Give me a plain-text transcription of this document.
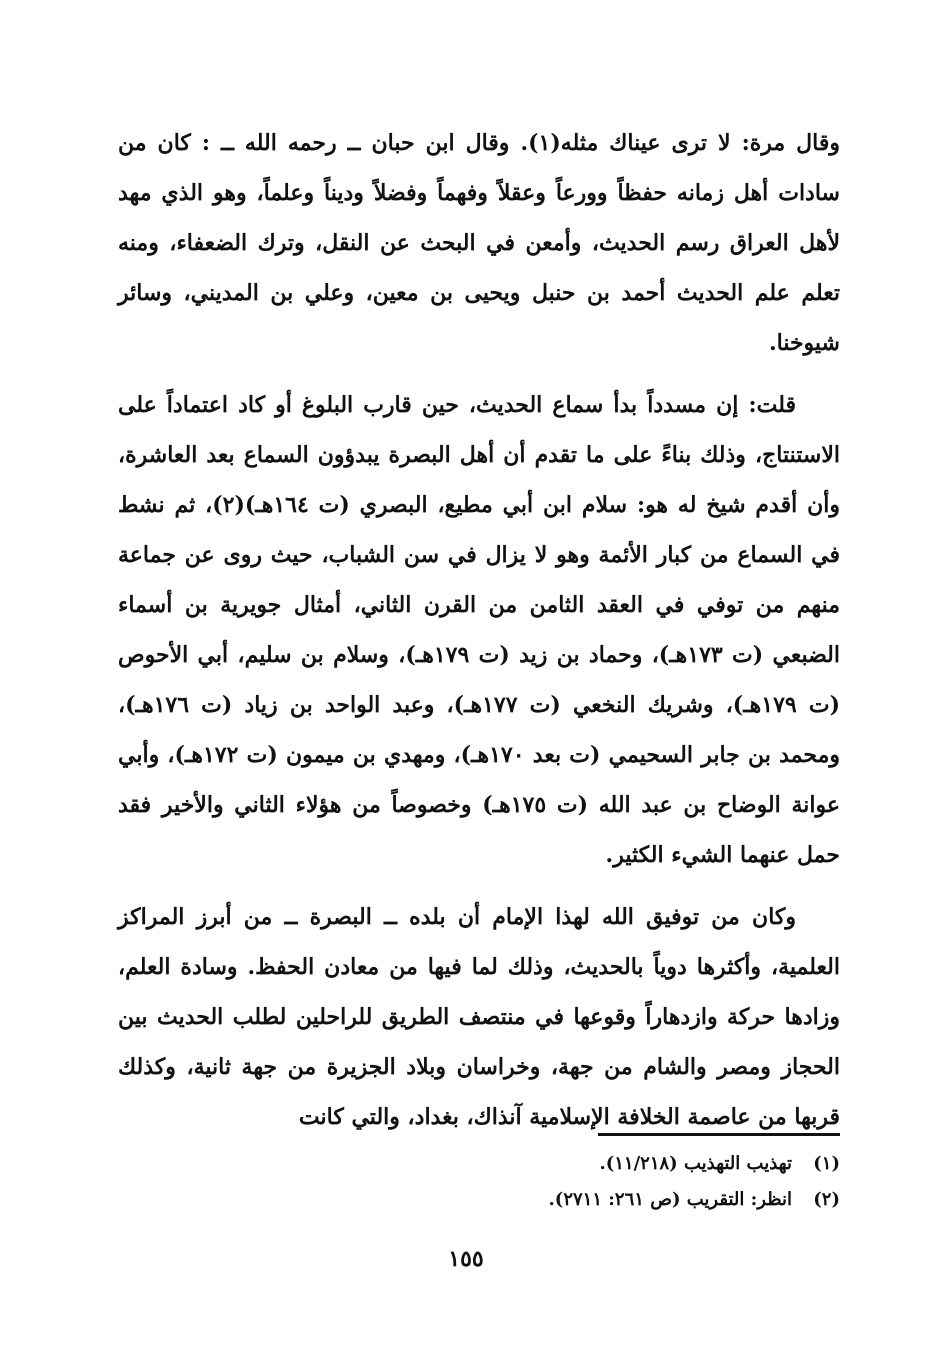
وقال مرة: لا ترى عيناك مثله(١). وقال ابن حبان ــ رحمه الله ــ : كان من سادات أهل زمانه حفظاً وورعاً وعقلاً وفهماً وفضلاً وديناً وعلماً، وهو الذي مهد لأهل العراق رسم الحديث، وأمعن في البحث عن النقل، وترك الضعفاء، ومنه تعلم علم الحديث أحمد بن حنبل ويحيى بن معين، وعلي بن المديني، وسائر شيوخنا.

قلت: إن مسدداً بدأ سماع الحديث، حين قارب البلوغ أو كاد اعتماداً على الاستنتاج، وذلك بناءً على ما تقدم أن أهل البصرة يبدؤون السماع بعد العاشرة، وأن أقدم شيخ له هو: سلام ابن أبي مطيع، البصري (ت ١٦٤هـ)(٢)، ثم نشط في السماع من كبار الأئمة وهو لا يزال في سن الشباب، حيث روى عن جماعة منهم من توفي في العقد الثامن من القرن الثاني، أمثال جويرية بن أسماء الضبعي (ت ١٧٣هـ)، وحماد بن زيد (ت ١٧٩هـ)، وسلام بن سليم، أبي الأحوص (ت ١٧٩هـ)، وشريك النخعي (ت ١٧٧هـ)، وعبد الواحد بن زياد (ت ١٧٦هـ)، ومحمد بن جابر السحيمي (ت بعد ١٧٠هـ)، ومهدي بن ميمون (ت ١٧٢هـ)، وأبي عوانة الوضاح بن عبد الله (ت ١٧٥هـ) وخصوصاً من هؤلاء الثاني والأخير فقد حمل عنهما الشيء الكثير.

وكان من توفيق الله لهذا الإمام أن بلده ــ البصرة ــ من أبرز المراكز العلمية، وأكثرها دوياً بالحديث، وذلك لما فيها من معادن الحفظ. وسادة العلم، وزادها حركة وازدهاراً وقوعها في منتصف الطريق للراحلين لطلب الحديث بين الحجاز ومصر والشام من جهة، وخراسان وبلاد الجزيرة من جهة ثانية، وكذلك قربها من عاصمة الخلافة الإسلامية آنذاك، بغداد، والتي كانت

(١)تهذيب التهذيب (١١/٢١٨).
(٢)انظر: التقريب (ص ٢٦١: ٢٧١١).
١٥٥
